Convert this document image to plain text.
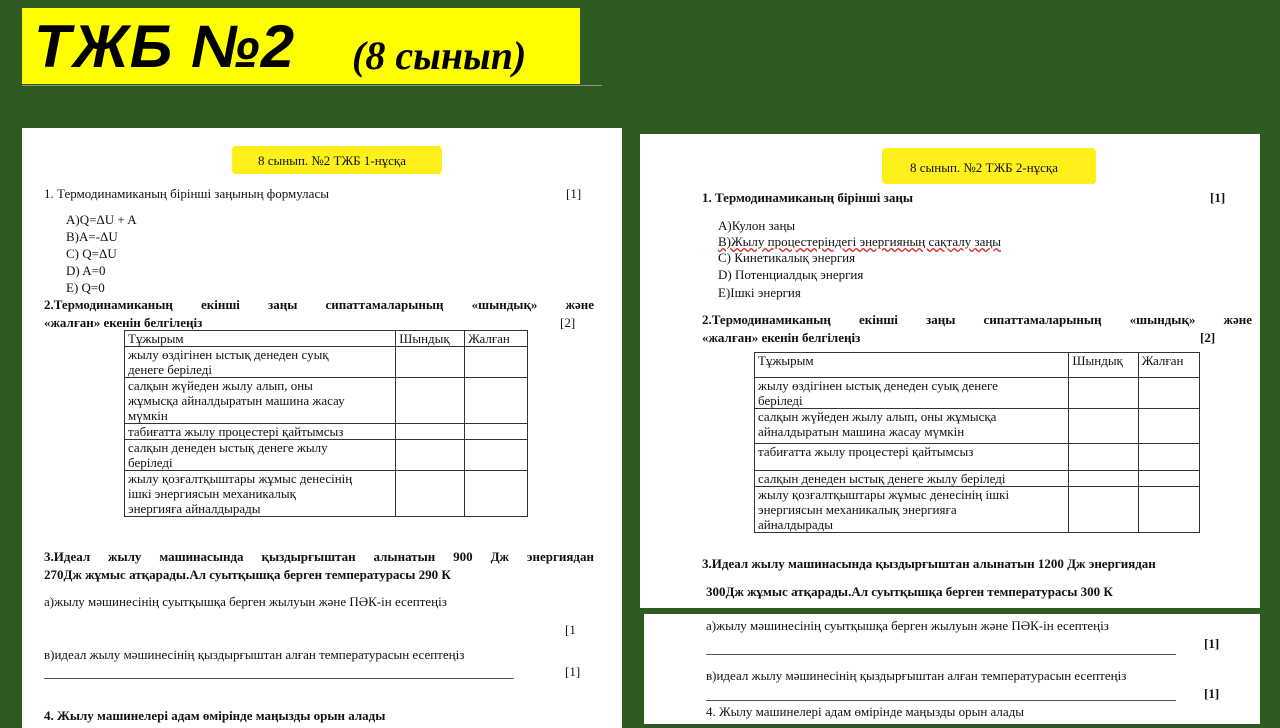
ТЖБ №2 (8 сынып)
8 сынып. №2 ТЖБ 1-нұсқа
1. Термодинамиканың бірінші заңының формуласы	[1]
A)Q=ΔU + A
B)A=-ΔU
C) Q=ΔU
D) A=0
E) Q=0
2.Термодинамиканың екінші заңы сипаттамаларының «шындық» және
«жалған» екенін белгілеңіз	[2]
Тұжырым	Шындық	Жалған

жылу өздігінен ыстық денеден суық
денеге беріледі		

салқын жүйеден жылу алып, оны
жұмысқа айналдыратын машина жасау
мүмкін		

табиғатта жылу процестері қайтымсыз		

салқын денеден ыстық денеге жылу
беріледі		

жылу қозғалтқыштары жұмыс денесінің
ішкі энергиясын механикалық
энергияға айналдырады		

3.Идеал жылу машинасында қыздырғыштан алынатын 900 Дж энергиядан
270Дж жұмыс атқарады.Ал суытқышқа берген температурасы 290 К
а)жылу мәшинесінің суытқышқа берген жылуын және ПӘК-ін есептеңіз
[1
в)идеал жылу мәшинесінің қыздырғыштан алған температурасын есептеңіз
[1]
4. Жылу машинелері адам өмірінде маңызды орын алады
8 сынып. №2 ТЖБ 2-нұсқа
1. Термодинамиканың бірінші заңы	[1]
А)Кулон заңы
В)Жылу процестеріндегі энергияның сақталу заңы
С) Кинетикалық энергия
D) Потенциалдық энергия
Е)Ішкі энергия
2.Термодинамиканың екінші заңы сипаттамаларының «шындық» және
«жалған» екенін белгілеңіз	[2]
Тұжырым	Шындық	Жалған

жылу өздігінен ыстық денеден суық денеге
беріледі		

салқын жүйеден жылу алып, оны жұмысқа
айналдыратын машина жасау мүмкін		

табиғатта жылу процестері қайтымсыз		

салқын денеден ыстық денеге жылу беріледі		

жылу қозғалтқыштары жұмыс денесінің ішкі
энергиясын механикалық энергияға
айналдырады		

3.Идеал жылу машинасында қыздырғыштан алынатын 1200 Дж энергиядан
300Дж жұмыс атқарады.Ал суытқышқа берген температурасы 300 К
а)жылу мәшинесінің суытқышқа берген жылуын және ПӘК-ін есептеңіз
[1]
в)идеал жылу мәшинесінің қыздырғыштан алған температурасын есептеңіз
[1]
4. Жылу машинелері адам өмірінде маңызды орын алады
